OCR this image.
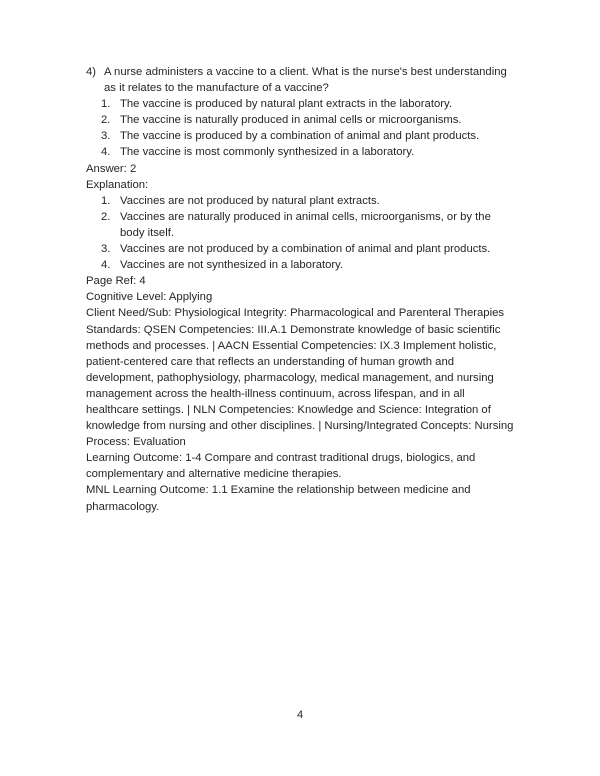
4) A nurse administers a vaccine to a client. What is the nurse's best understanding as it relates to the manufacture of a vaccine?
1. The vaccine is produced by natural plant extracts in the laboratory.
2. The vaccine is naturally produced in animal cells or microorganisms.
3. The vaccine is produced by a combination of animal and plant products.
4. The vaccine is most commonly synthesized in a laboratory.
Answer: 2
Explanation:
1. Vaccines are not produced by natural plant extracts.
2. Vaccines are naturally produced in animal cells, microorganisms, or by the body itself.
3. Vaccines are not produced by a combination of animal and plant products.
4. Vaccines are not synthesized in a laboratory.
Page Ref: 4
Cognitive Level: Applying
Client Need/Sub: Physiological Integrity: Pharmacological and Parenteral Therapies
Standards: QSEN Competencies: III.A.1 Demonstrate knowledge of basic scientific methods and processes. | AACN Essential Competencies: IX.3 Implement holistic, patient-centered care that reflects an understanding of human growth and development, pathophysiology, pharmacology, medical management, and nursing management across the health-illness continuum, across lifespan, and in all healthcare settings. | NLN Competencies: Knowledge and Science: Integration of knowledge from nursing and other disciplines. | Nursing/Integrated Concepts: Nursing Process: Evaluation
Learning Outcome: 1-4 Compare and contrast traditional drugs, biologics, and complementary and alternative medicine therapies.
MNL Learning Outcome: 1.1 Examine the relationship between medicine and pharmacology.
4
